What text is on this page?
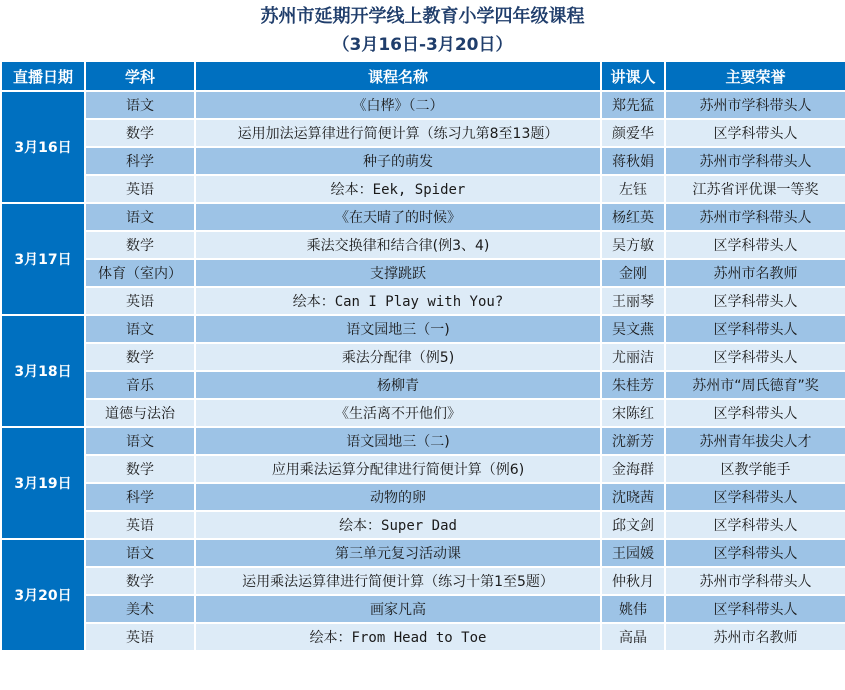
苏州市延期开学线上教育小学四年级课程
（3月16日-3月20日）
直播日期	学科	课程名称	讲课人	主要荣誉
3月16日	语文	《白桦》（二）	郑先猛	苏州市学科带头人
	数学	运用加法运算律进行简便计算（练习九第8至13题）	颜爱华	区学科带头人
	科学	种子的萌发	蒋秋娟	苏州市学科带头人
	英语	绘本：Eek, Spider	左钰	江苏省评优课一等奖
3月17日	语文	《在天晴了的时候》	杨红英	苏州市学科带头人
	数学	乘法交换律和结合律(例3、4)	吴方敏	区学科带头人
	体育（室内）	支撑跳跃	金刚	苏州市名教师
	英语	绘本：Can I Play with You?	王丽琴	区学科带头人
3月18日	语文	语文园地三（一)	吴文燕	区学科带头人
	数学	乘法分配律（例5)	尤丽洁	区学科带头人
	音乐	杨柳青	朱桂芳	苏州市“周氏德育”奖
	道德与法治	《生活离不开他们》	宋陈红	区学科带头人
3月19日	语文	语文园地三（二)	沈新芳	苏州青年拔尖人才
	数学	应用乘法运算分配律进行简便计算（例6)	金海群	区教学能手
	科学	动物的卵	沈晓茜	区学科带头人
	英语	绘本：Super Dad	邱文剑	区学科带头人
3月20日	语文	第三单元复习活动课	王园媛	区学科带头人
	数学	运用乘法运算律进行简便计算（练习十第1至5题）	仲秋月	苏州市学科带头人
	美术	画家凡高	姚伟	区学科带头人
	英语	绘本：From Head to Toe	高晶	苏州市名教师
